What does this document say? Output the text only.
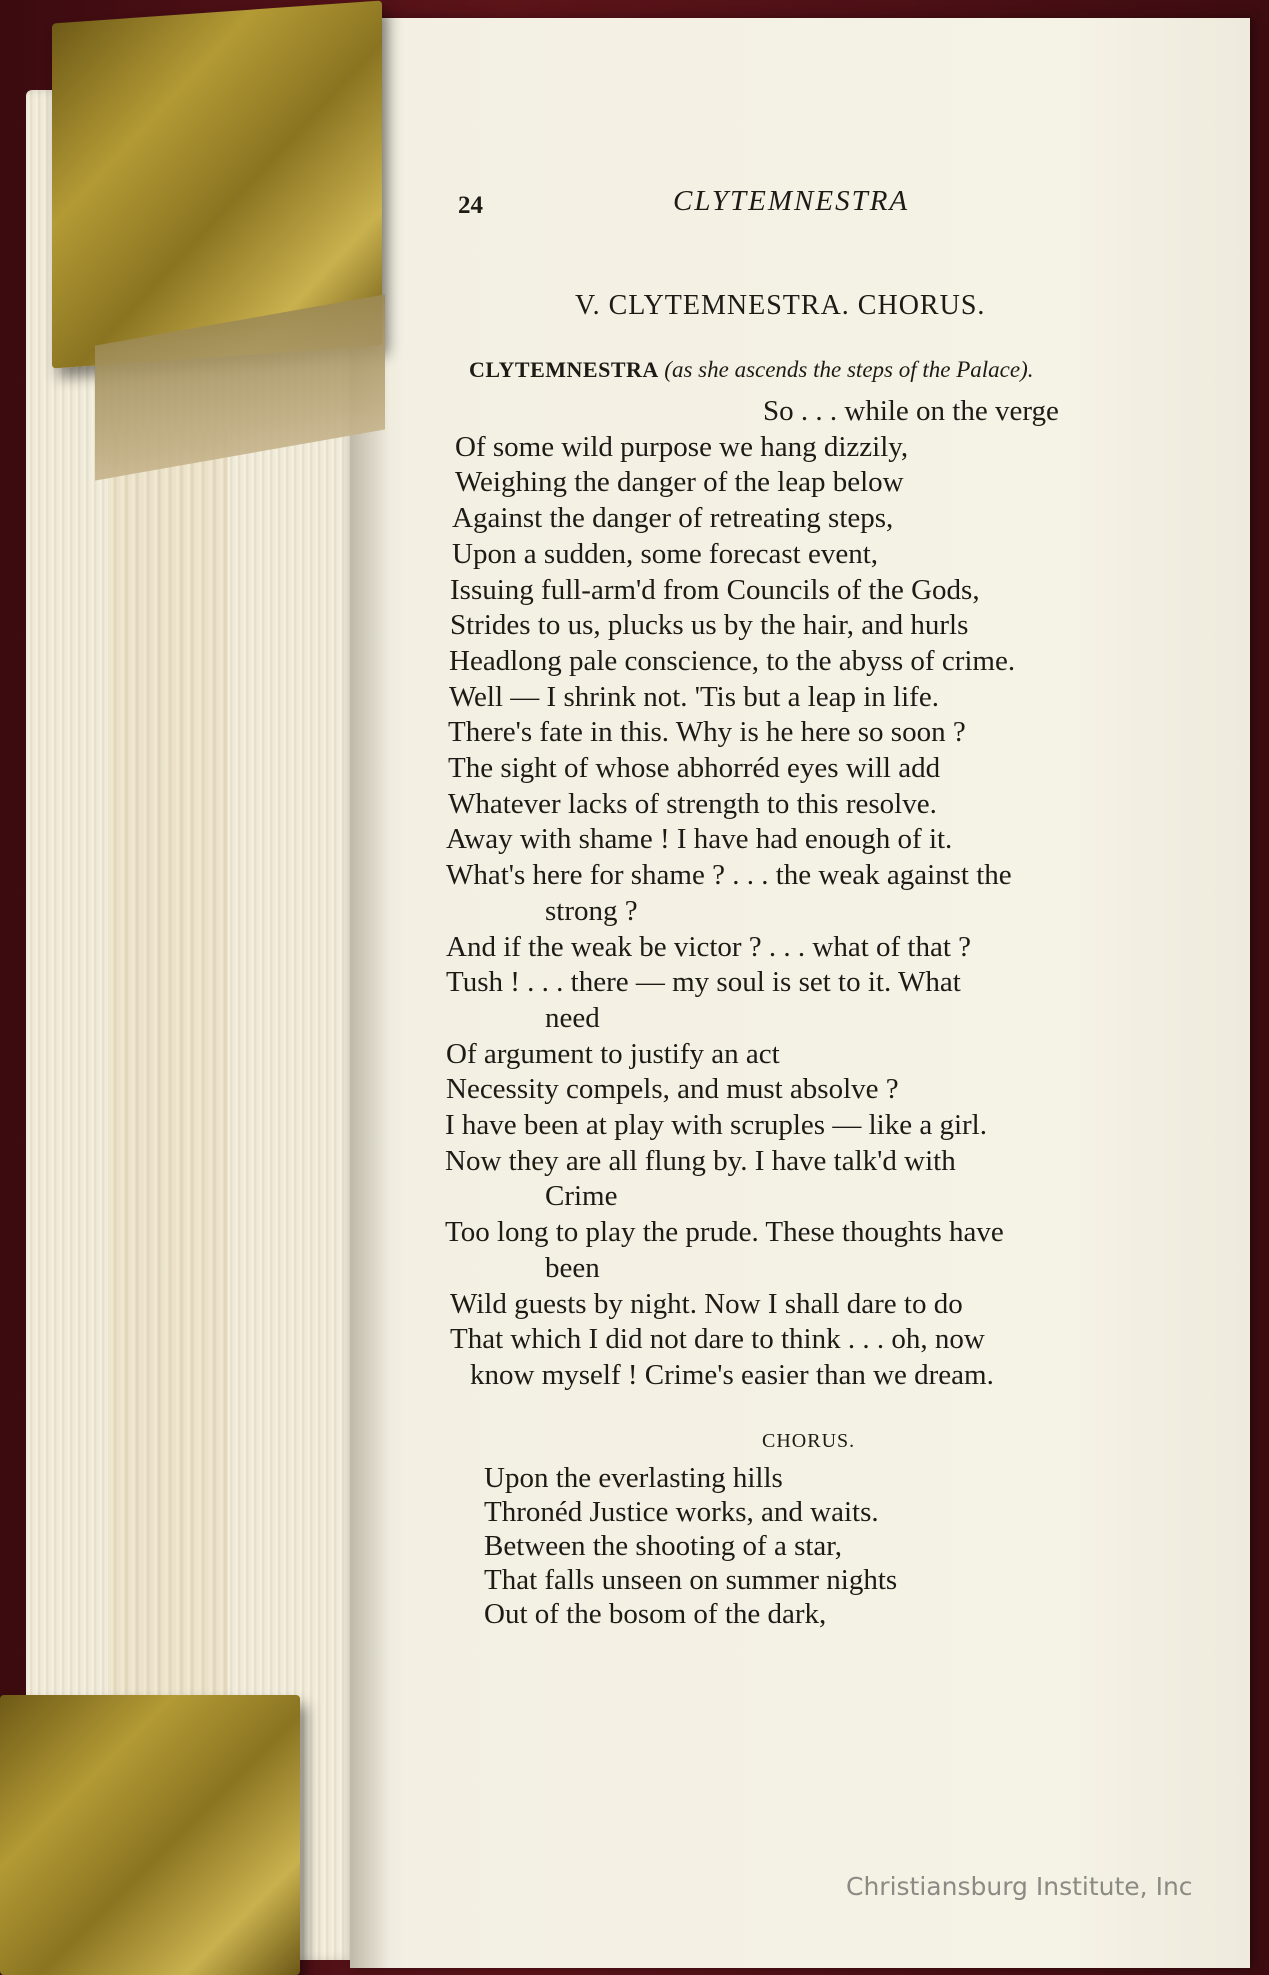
24	CLYTEMNESTRA
V. CLYTEMNESTRA. CHORUS.
CLYTEMNESTRA (as she ascends the steps of the Palace).
So . . . while on the verge
Of some wild purpose we hang dizzily,
Weighing the danger of the leap below
Against the danger of retreating steps,
Upon a sudden, some forecast event,
Issuing full-arm'd from Councils of the Gods,
Strides to us, plucks us by the hair, and hurls
Headlong pale conscience, to the abyss of crime.
Well — I shrink not. 'Tis but a leap in life.
There's fate in this. Why is he here so soon ?
The sight of whose abhorréd eyes will add
Whatever lacks of strength to this resolve.
Away with shame ! I have had enough of it.
What's here for shame ? . . . the weak against the
strong ?
And if the weak be victor ? . . . what of that ?
Tush ! . . . there — my soul is set to it. What
need
Of argument to justify an act
Necessity compels, and must absolve ?
I have been at play with scruples — like a girl.
Now they are all flung by. I have talk'd with
Crime
Too long to play the prude. These thoughts have
been
Wild guests by night. Now I shall dare to do
That which I did not dare to think . . . oh, now
know myself ! Crime's easier than we dream.
CHORUS.
Upon the everlasting hills
Thronéd Justice works, and waits.
Between the shooting of a star,
That falls unseen on summer nights
Out of the bosom of the dark,
Christiansburg Institute, Inc
